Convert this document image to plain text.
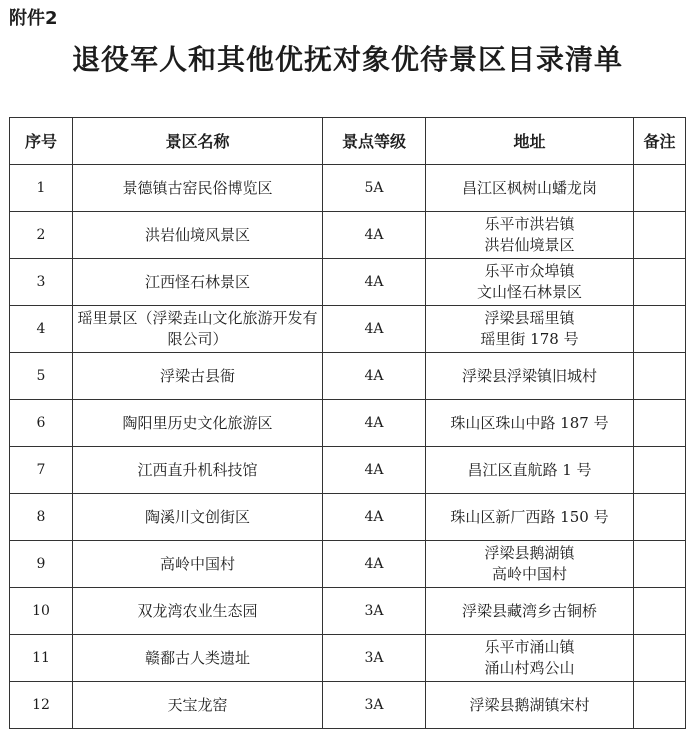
附件2
退役军人和其他优抚对象优待景区目录清单
序号	景区名称	景点等级	地址	备注
1	景德镇古窑民俗博览区	5A	昌江区枫树山蟠龙岗	

2	洪岩仙境风景区	4A	乐平市洪岩镇
洪岩仙境景区	

3	江西怪石林景区	4A	乐平市众埠镇
文山怪石林景区	

4	瑶里景区（浮梁垚山文化旅游开发有限公司）	4A	浮梁县瑶里镇
瑶里街 178 号	

5	浮梁古县衙	4A	浮梁县浮梁镇旧城村	

6	陶阳里历史文化旅游区	4A	珠山区珠山中路 187 号	

7	江西直升机科技馆	4A	昌江区直航路 1 号	

8	陶溪川文创街区	4A	珠山区新厂西路 150 号	

9	高岭中国村	4A	浮梁县鹅湖镇
高岭中国村	

10	双龙湾农业生态园	3A	浮梁县藏湾乡古铜桥	

11	赣鄱古人类遗址	3A	乐平市涌山镇
涌山村鸡公山	

12	天宝龙窑	3A	浮梁县鹅湖镇宋村	
